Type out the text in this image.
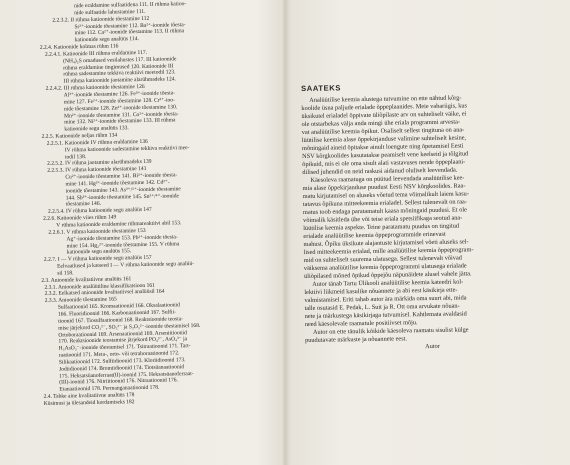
nide eraldamine sulfaatidena 111. II rühma katioo-
nide sulfaatide lahustamine 111.
2.2.3.2. II rühma katioonide tõestamine 112
Sr²⁺-ioonide tõestamine 112. Ba²⁺-ioonide tõesta-
mine 112. Ca²⁺-ioonide tõestamine 113. II rühma
katioonide segu analüüs 114.
2.2.4. Katioonide kolmas rühm 116
2.2.4.1. Katioonide III rühma eraldamine 117.
(NH₄)₂S omadused vesilahustes 117. III katioonide
rühma eraldamine tingimused 120. Katioonide III
rühma sadestamine tekkiva reaktiivi meetodil 123.
III rühma katioonide jaotamine alarühmadeks 124.
2.2.4.2. III rühma katioonide tõestamine 126
Al³⁺-ioonide tõestamine 126. Fe³⁺-ioonide tõesta-
mine 127. Fe²⁺-ioonide tõestamine 128. Cr³⁺-ioo-
nide tõestamine 128. Zn²⁺-ioonide tõestamine 130.
Mn²⁺-ioonide tõestamine 131. Co²⁺-ioonide tõesta-
mine 132. Ni²⁺-ioonide tõestamine 133. III rühma
katioonide segu analüüs 133.
2.2.5. Katioonide neljas rühm 134
2.2.5.1. Katioonide IV rühma eraldamine 136
IV rühma katioonide sadestamine tekkiva reaktiivi mee-
todil 138.
2.2.5.2. IV rühma jaotamine alarühmadeks 139
2.2.5.3. IV rühma katioonide tõestamine 141
Cu²⁺-ioonide tõestamine 141. Bi³⁺-ioonide tõesta-
mine 141. Hg²⁺-ioonide tõestamine 142. Cd²⁺-
ioonide tõestamine 143. As³⁺/⁵⁺-ioonide tõestamine
144. Sb³⁺-ioonide tõestamine 145. Sn²⁺/⁴⁺-ioonide
tõestamine 146.
2.2.5.4. IV rühma katioonide segu analüüs 147
2.2.6. Katioonide viies rühm 149
V rühma katioonide eraldamine rühmareaktiivi abil 153.
2.2.6.1. V rühma katioonide tõestamine 153
Ag⁺-ioonide tõestamine 153. Pb²⁺-ioonide tõesta-
mine 154. Hg₂²⁺-ioonide tõestamine 155. V rühma
katioonide segu analüüs 155.
2.2.7. I — V rühma katioonide segu analüüs 157
Eelvaatlused ja katseed I — V rühma katioonide segu analüü-
sil 158.
2.3. Anioonide kvalitatiivne analüüs 161
2.3.1. Anioonide analüütiline klassifikatsioon 161
2.3.2. Eelkatsed anioonide kvalitatiivsel analüüsil 164
2.3.3. Anioonide tõestamine 165
Sulfaatioonid 165. Kromaatioonid 166. Oksalaatioonid
166. Fluoridioonid 166. Karbonaatioonid 167. Sulfii-
tioonid 167. Tiosulfaatioonid 168. Reaktsioonide teosta-
mise järjekord CO₃²⁻, SO₃²⁻ ja S₂O₃²⁻-ioonide tõestamisel 168.
Ortoboraatioonid 169. Arsenaatioonid 169. Arseniitioonid
170. Reaktsioonide teostamise järjekord PO₄³⁻, AsO₄³⁻ ja
H₃AsO₃⁻-ioonide tõestamisel 171. Tsitraatioonid 171. Tart-
raatioonid 171. Meta-, orto- või tetraboraatioonid 172.
Silikaatioonid 172. Sulfiidioonid 173. Kloriidioonid 173.
Jodiidioonid 174. Bromiidioonid 174. Tiotsüanaatioonid
175. Heksatsüanoferraat(II)-ioonid 175. Heksatsüanoferraat-
(III)-ioonid 176. Nitriitioonid 176. Nitraatioonid 176.
Etanaatioonid 178. Permanganaatioonid 178.
2.4. Tabke aine kvalitatiivne analüüs 178
Küsimusi ja ülesandeid kordamiseks 182
SAATEKS
Analüütilise keemia alustega tutvumine on ette nähtud kõrg-
koolide üsna paljude erialade õppeplaanides. Meie vabariigis, kus
üksikutel erialadel õppivate üliõpilaste arv on suhteliselt väike, ei
ole otstarbekas välja anda mingi ühe eriala programmi arvesta-
vat analüütilise keemia õpikut. Osaliselt sellest tingituna on ana-
lüütilise keemia alase õppekirjanduse valimine suhteliselt kesine,
mõningaid aineid õpitakse ainult loengute ning õpetamisel Eesti
NSV kõrgkoolides kasutatakse peamiselt vene keelseid ja tõlgitud
õpikuid, mis ei ole oma sisult alati vastavuses nende õppeplaani-
dilised juhendid on neid raskusi aidanud oluliselt leevendada.
Käesoleva raamatuga on püütud leevendada analüütilise kee-
mia alase õppekirjanduse puudust Eesti NSV kõrgkoolides. Raa-
matu kirjutamisel on aluseks võetud tema võimalikult laiem kasu-
tatavus õpikuna mitteekeemia erialadel. Sellest tulenevalt on raa-
matus toob endaga paratamatult kaasa mõningaid puudusi. Et ole
võimalik käsitleda ühe või teise eriala spetsiifikaga seotud ana-
lüütilise keemia aspekte. Teine paratamatu puudus on tingitud
erialade analüütilise keemia õppeprogrammide erinevast
mahust. Õpiku üksikute alajaotuste kirjutamisel võeti aluseks sel-
lised mitteekeemia erialad, mille analüütilise keemia õppeprogram-
mid on suhteliselt suurema ulatusega. Sellest tulenevalt võivad
väiksema analüütilise keemia õppeprogrammi ulatusega erialade
üliõpilased mõned õpikud õppejõu näpunäidete alusel vahele jätta.
Autor tänab Tartu Ülikooli analüütilise keemia kateedri kol-
lektiivi liikmeid kasulike nõuannete ja abi eest käsikirja ette-
valmistamisel. Eriti tahab autor ära märkida oma suurt abi, mida
talle osutasid E. Pedak, L. Suit ja R. Ott oma arvukate nõuan-
nete ja märkustega käsikirjaga tutvumisel. Kahtlemata avaldasid
need käesolevale raamatule positiivset mõju.
Autor on ette tänulik kõikide käesoleva raamatu sisulist külge
puudutavate märkuste ja nõuannete eest.
Autor
